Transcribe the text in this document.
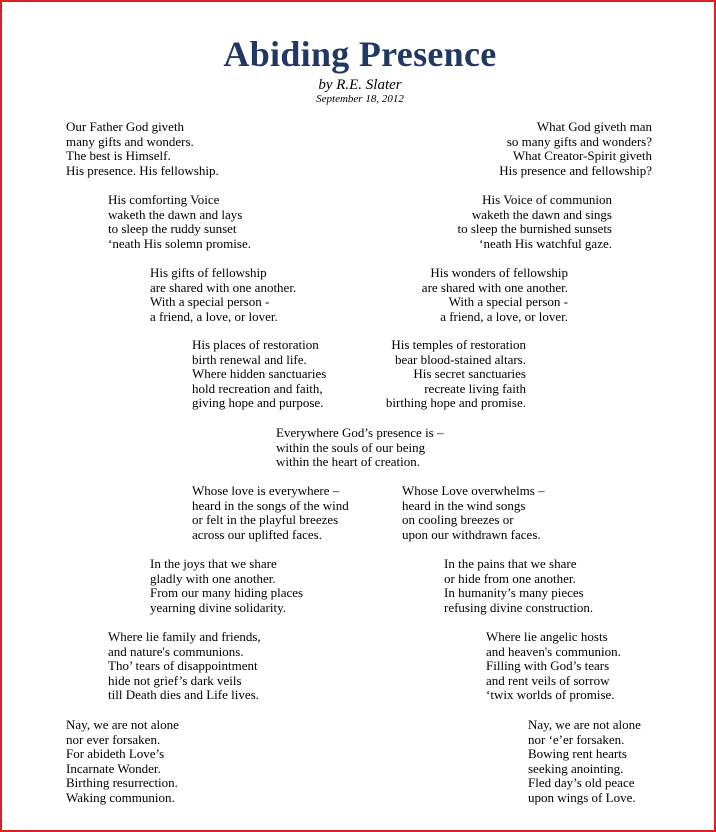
Abiding Presence
by R.E. Slater
September 18, 2012
Our Father God giveth
many gifts and wonders.
The best is Himself.
His presence. His fellowship.
What God giveth man
so many gifts and wonders?
What Creator-Spirit giveth
His presence and fellowship?
His comforting Voice
waketh the dawn and lays
to sleep the ruddy sunset
‘neath His solemn promise.
His Voice of communion
waketh the dawn and sings
to sleep the burnished sunsets
‘neath His watchful gaze.
His gifts of fellowship
are shared with one another.
With a special person -
a friend, a love, or lover.
His wonders of fellowship
are shared with one another.
With a special person -
a friend, a love, or lover.
His places of restoration
birth renewal and life.
Where hidden sanctuaries
hold recreation and faith,
giving hope and purpose.
His temples of restoration
bear blood-stained altars.
His secret sanctuaries
recreate living faith
birthing hope and promise.
Everywhere God’s presence is –
within the souls of our being
within the heart of creation.
Whose love is everywhere –
heard in the songs of the wind
or felt in the playful breezes
across our uplifted faces.
Whose Love overwhelms –
heard in the wind songs
on cooling breezes or
upon our withdrawn faces.
In the joys that we share
gladly with one another.
From our many hiding places
yearning divine solidarity.
In the pains that we share
or hide from one another.
In humanity’s many pieces
refusing divine construction.
Where lie family and friends,
and nature's communions.
Tho’ tears of disappointment
hide not grief’s dark veils
till Death dies and Life lives.
Where lie angelic hosts
and heaven's communion.
Filling with God’s tears
and rent veils of sorrow
‘twix worlds of promise.
Nay, we are not alone
nor ever forsaken.
For abideth Love’s
Incarnate Wonder.
Birthing resurrection.
Waking communion.
Nay, we are not alone
nor ‘e’er forsaken.
Bowing rent hearts
seeking anointing.
Fled day’s old peace
upon wings of Love.
